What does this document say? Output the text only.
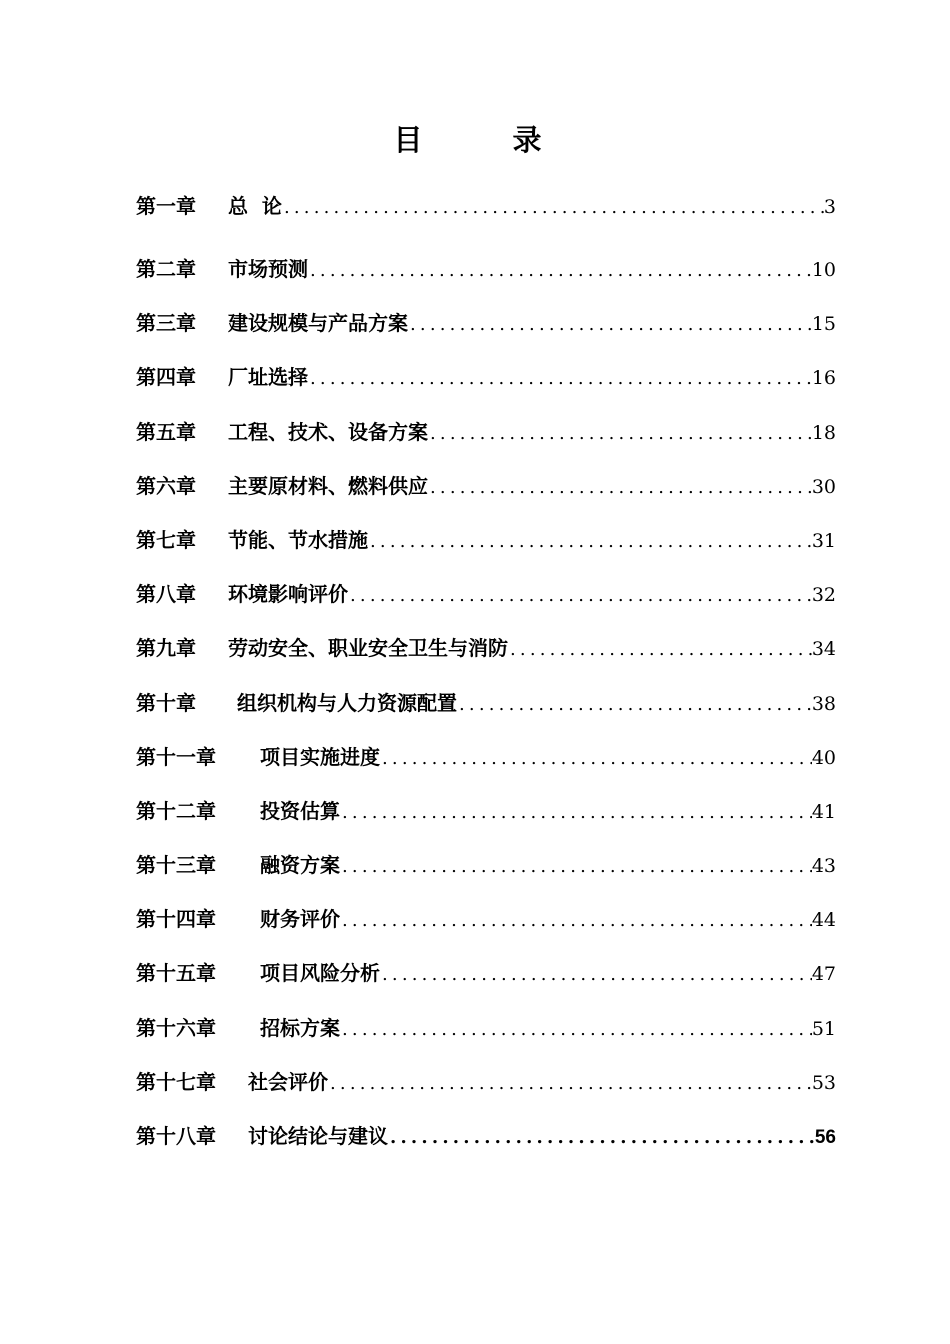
目 录
第一章	总  论 .....	3
第二章	市场预测 .....	10
第三章	建设规模与产品方案 .....	15
第四章	厂址选择 .....	16
第五章	工程、技术、设备方案 .....	18
第六章	主要原材料、燃料供应 .....	30
第七章	节能、节水措施 .....	31
第八章	环境影响评价 .....	32
第九章	劳动安全、职业安全卫生与消防 .....	34
第十章	组织机构与人力资源配置 .....	38
第十一章	项目实施进度 .....	40
第十二章	投资估算 .....	41
第十三章	融资方案 .....	43
第十四章	财务评价 .....	44
第十五章	项目风险分析 .....	47
第十六章	招标方案 .....	51
第十七章	社会评价 .....	53
第十八章	讨论结论与建议 .....	56
